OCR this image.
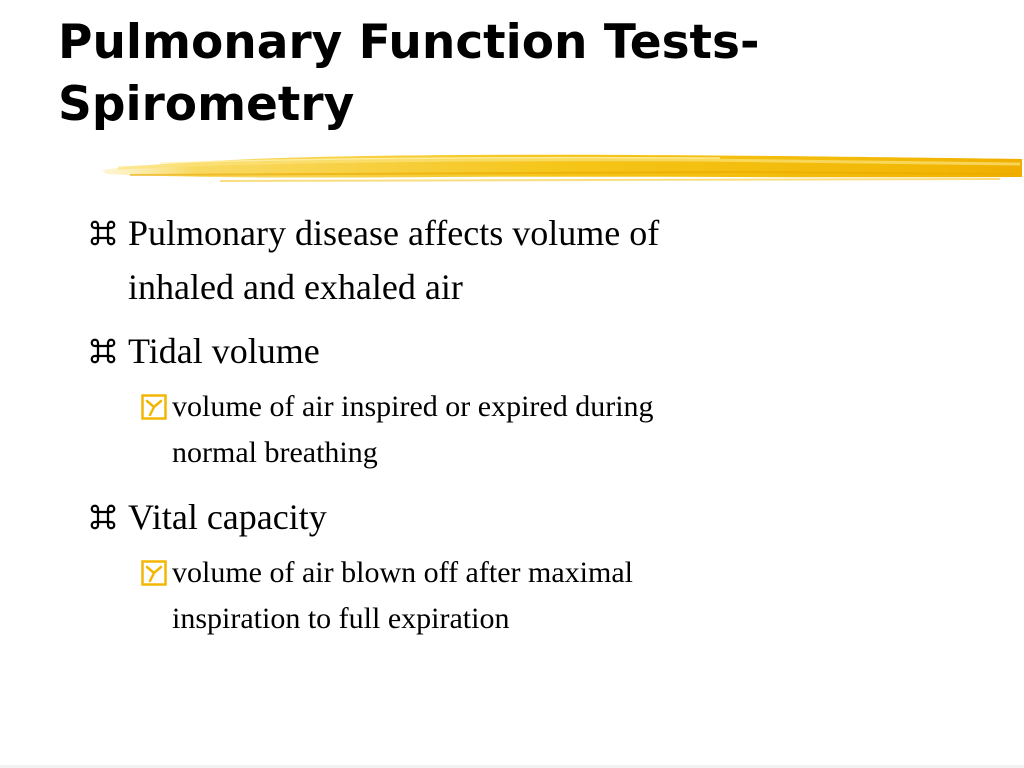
Pulmonary Function Tests-
Spirometry
Pulmonary disease affects volume of
inhaled and exhaled air
Tidal volume
volume of air inspired or expired during
normal breathing
Vital capacity
volume of air blown off after maximal
inspiration to full expiration
